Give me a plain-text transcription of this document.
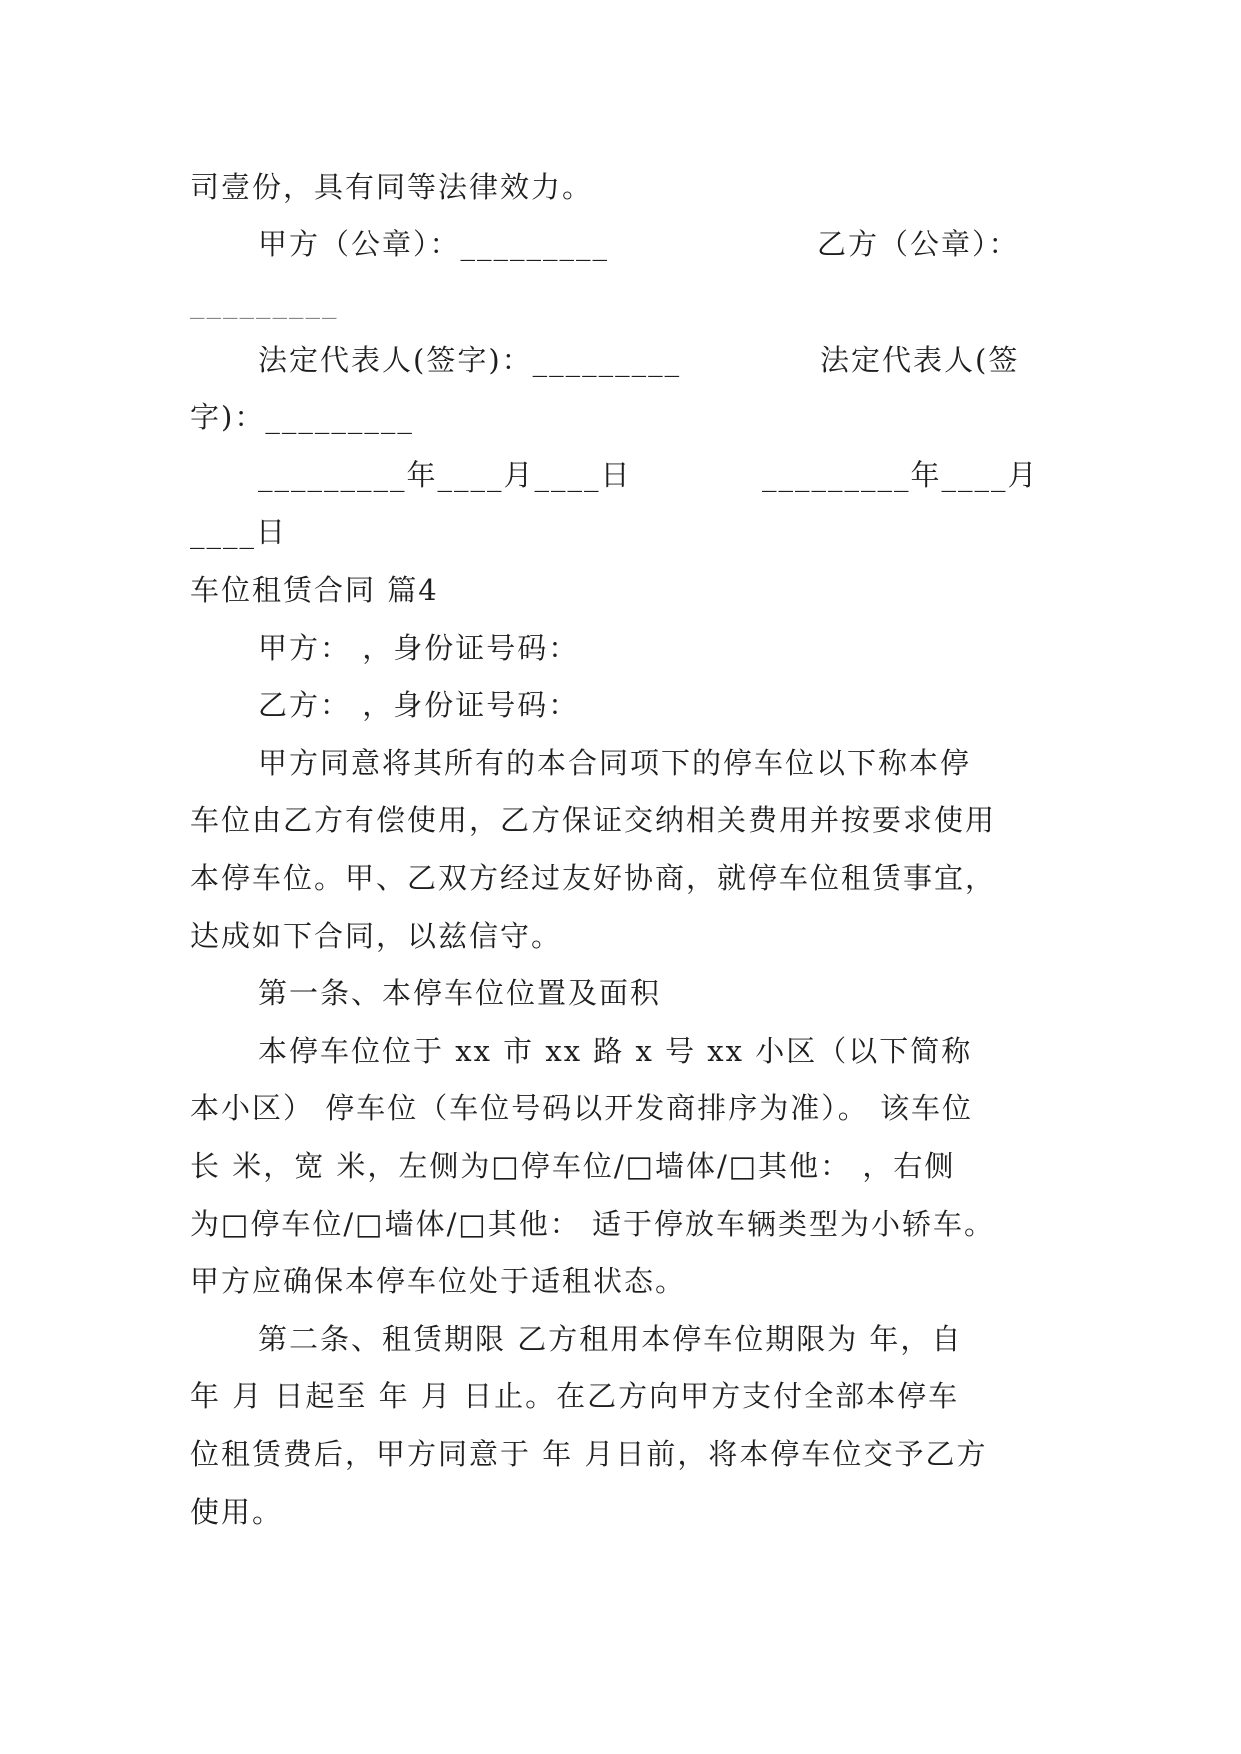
司壹份，具有同等法律效力。
甲方（公章）：_________	乙方（公章）：
_________
法定代表人(签字)：_________	法定代表人(签
字)：_________
_________年____月____日	_________年____月
____日
车位租赁合同 篇4
甲方： ，身份证号码：
乙方： ，身份证号码：
甲方同意将其所有的本合同项下的停车位以下称本停
车位由乙方有偿使用，乙方保证交纳相关费用并按要求使用
本停车位。甲、乙双方经过友好协商，就停车位租赁事宜，
达成如下合同，以兹信守。
第一条、本停车位位置及面积
本停车位位于 xx 市 xx 路 x 号 xx 小区（以下简称
本小区） 停车位（车位号码以开发商排序为准）。 该车位
长 米，宽 米，左侧为□停车位/□墙体/□其他： ，右侧
为□停车位/□墙体/□其他： 适于停放车辆类型为小轿车。
甲方应确保本停车位处于适租状态。
第二条、租赁期限 乙方租用本停车位期限为 年，自
年 月 日起至 年 月 日止。在乙方向甲方支付全部本停车
位租赁费后，甲方同意于 年 月日前，将本停车位交予乙方
使用。
